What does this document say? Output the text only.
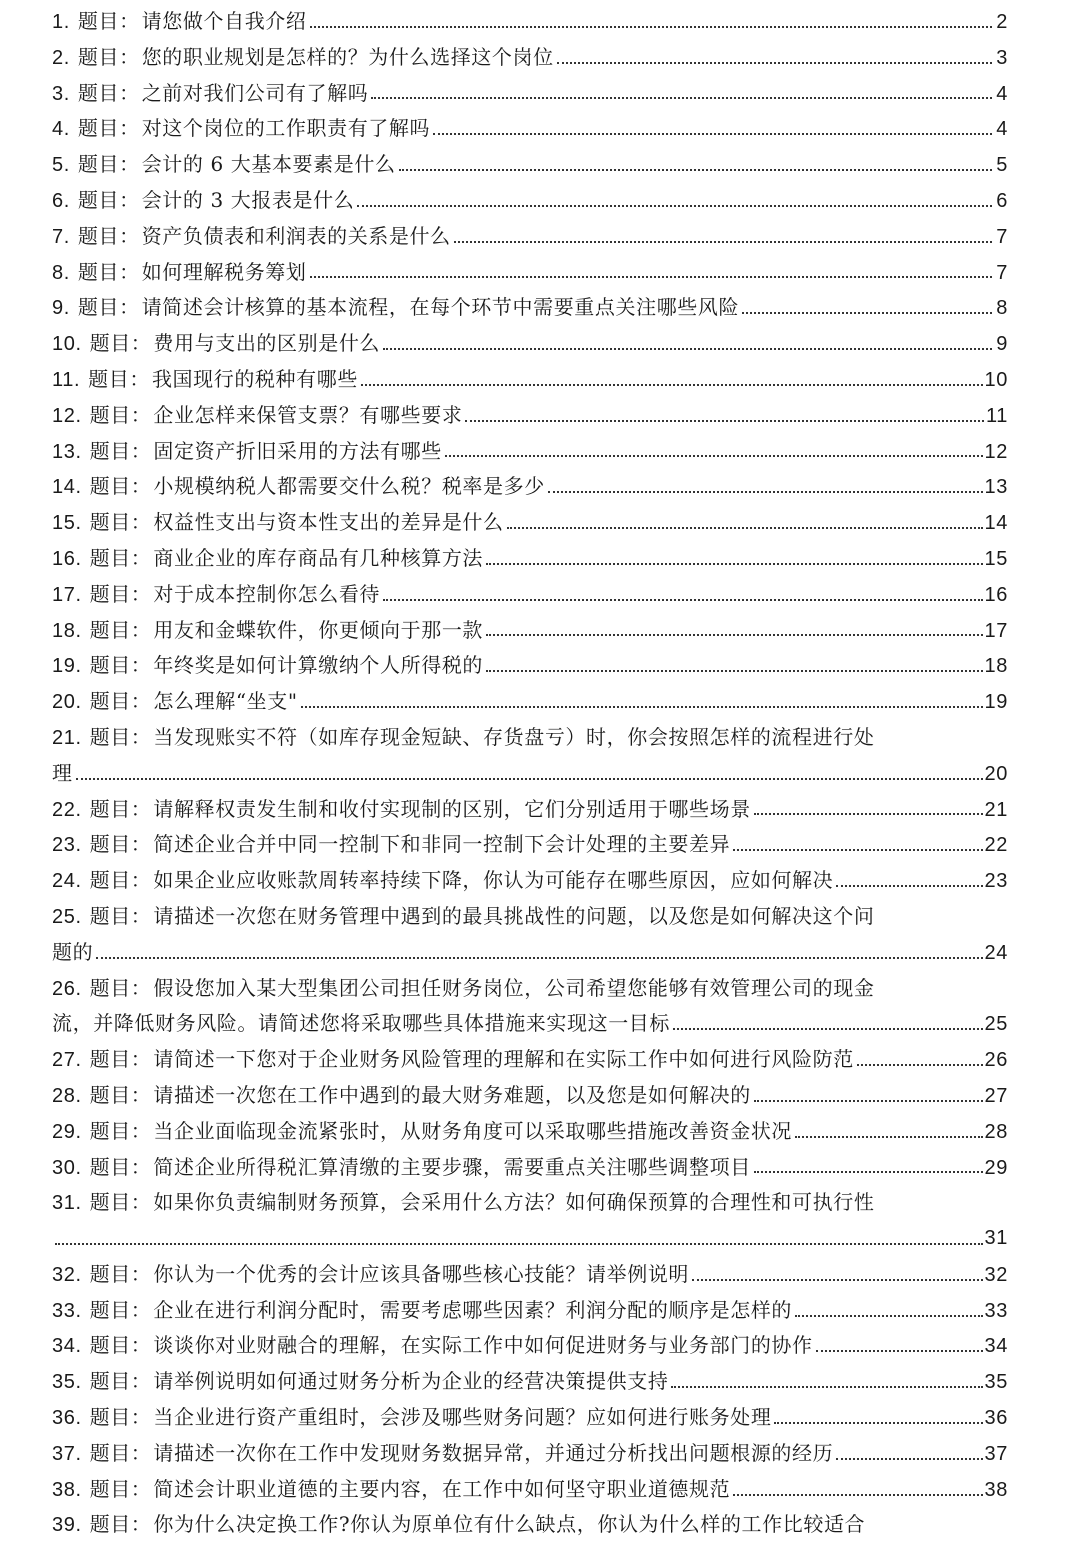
1. 题目： 请您做个自我介绍	2
2. 题目： 您的职业规划是怎样的？为什么选择这个岗位	3
3. 题目： 之前对我们公司有了解吗	4
4. 题目： 对这个岗位的工作职责有了解吗	4
5. 题目： 会计的 6 大基本要素是什么	5
6. 题目： 会计的 3 大报表是什么	6
7. 题目： 资产负债表和利润表的关系是什么	7
8. 题目： 如何理解税务筹划	7
9. 题目： 请简述会计核算的基本流程，在每个环节中需要重点关注哪些风险	8
10. 题目： 费用与支出的区别是什么	9
11. 题目： 我国现行的税种有哪些	10
12. 题目： 企业怎样来保管支票？有哪些要求	11
13. 题目： 固定资产折旧采用的方法有哪些	12
14. 题目： 小规模纳税人都需要交什么税？税率是多少	13
15. 题目： 权益性支出与资本性支出的差异是什么	14
16. 题目： 商业企业的库存商品有几种核算方法	15
17. 题目： 对于成本控制你怎么看待	16
18. 题目： 用友和金蝶软件，你更倾向于那一款	17
19. 题目： 年终奖是如何计算缴纳个人所得税的	18
20. 题目： 怎么理解“坐支"	19
21. 题目： 当发现账实不符（如库存现金短缺、存货盘亏）时，你会按照怎样的流程进行处
理	20
22. 题目： 请解释权责发生制和收付实现制的区别，它们分别适用于哪些场景	21
23. 题目： 简述企业合并中同一控制下和非同一控制下会计处理的主要差异	22
24. 题目： 如果企业应收账款周转率持续下降，你认为可能存在哪些原因，应如何解决	23
25. 题目： 请描述一次您在财务管理中遇到的最具挑战性的问题，以及您是如何解决这个问
题的	24
26. 题目： 假设您加入某大型集团公司担任财务岗位，公司希望您能够有效管理公司的现金
流，并降低财务风险。请简述您将采取哪些具体措施来实现这一目标	25
27. 题目： 请简述一下您对于企业财务风险管理的理解和在实际工作中如何进行风险防范	26
28. 题目： 请描述一次您在工作中遇到的最大财务难题，以及您是如何解决的	27
29. 题目： 当企业面临现金流紧张时，从财务角度可以采取哪些措施改善资金状况	28
30. 题目： 简述企业所得税汇算清缴的主要步骤，需要重点关注哪些调整项目	29
31. 题目： 如果你负责编制财务预算，会采用什么方法？如何确保预算的合理性和可执行性
31
32. 题目： 你认为一个优秀的会计应该具备哪些核心技能？请举例说明	32
33. 题目： 企业在进行利润分配时，需要考虑哪些因素？利润分配的顺序是怎样的	33
34. 题目： 谈谈你对业财融合的理解，在实际工作中如何促进财务与业务部门的协作	34
35. 题目： 请举例说明如何通过财务分析为企业的经营决策提供支持	35
36. 题目： 当企业进行资产重组时，会涉及哪些财务问题？应如何进行账务处理	36
37. 题目： 请描述一次你在工作中发现财务数据异常，并通过分析找出问题根源的经历	37
38. 题目： 简述会计职业道德的主要内容，在工作中如何坚守职业道德规范	38
39. 题目： 你为什么决定换工作?你认为原单位有什么缺点，你认为什么样的工作比较适合
